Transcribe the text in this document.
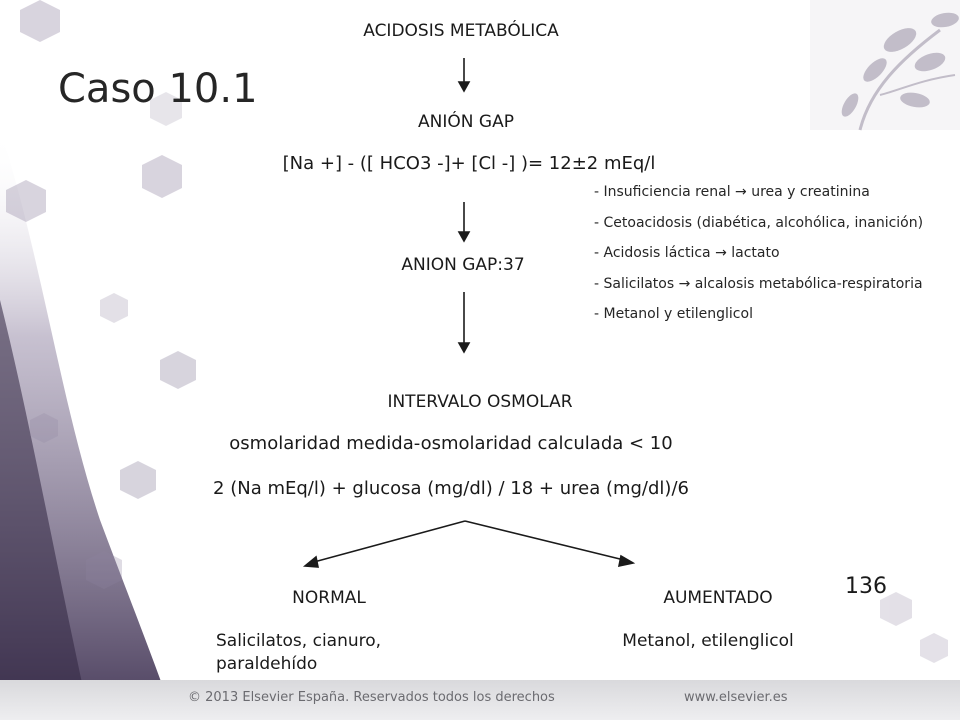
Caso 10.1
ACIDOSIS METABÓLICA
ANIÓN GAP
[Na +] - ([ HCO3 -]+ [Cl -] )= 12±2 mEq/l
ANION GAP:37
- Insuficiencia renal → urea y creatinina
- Cetoacidosis (diabética, alcohólica, inanición)
- Acidosis láctica → lactato
- Salicilatos → alcalosis metabólica-respiratoria
- Metanol y etilenglicol
INTERVALO OSMOLAR
osmolaridad medida-osmolaridad calculada < 10
2 (Na mEq/l) + glucosa (mg/dl) / 18 + urea (mg/dl)/6
NORMAL
Salicilatos, cianuro, paraldehído
AUMENTADO
Metanol, etilenglicol
136
© 2013 Elsevier España. Reservados todos los derechos	www.elsevier.es
